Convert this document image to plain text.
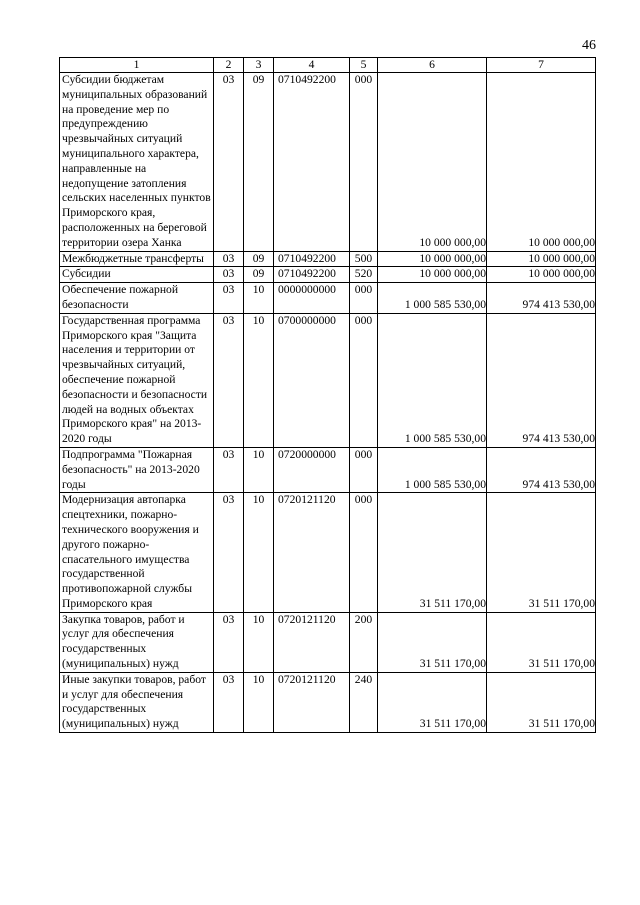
46
1	2	3	4	5	6	7
Субсидии бюджетам муниципальных образований на проведение мер по предупреждению чрезвычайных ситуаций муниципального характера, направленные на недопущение затопления сельских населенных пунктов Приморского края, расположенных на береговой территории озера Ханка	03	09	0710492200	000	10 000 000,00	10 000 000,00
Межбюджетные трансферты	03	09	0710492200	500	10 000 000,00	10 000 000,00
Субсидии	03	09	0710492200	520	10 000 000,00	10 000 000,00
Обеспечение пожарной безопасности	03	10	0000000000	000	1 000 585 530,00	974 413 530,00
Государственная программа Приморского края "Защита населения и территории от чрезвычайных ситуаций, обеспечение пожарной безопасности и безопасности людей на водных объектах Приморского края" на 2013-2020 годы	03	10	0700000000	000	1 000 585 530,00	974 413 530,00
Подпрограмма "Пожарная безопасность" на 2013-2020 годы	03	10	0720000000	000	1 000 585 530,00	974 413 530,00
Модернизация автопарка спецтехники, пожарно-технического вооружения и другого пожарно-спасательного имущества государственной противопожарной службы Приморского края	03	10	0720121120	000	31 511 170,00	31 511 170,00
Закупка товаров, работ и услуг для обеспечения государственных (муниципальных) нужд	03	10	0720121120	200	31 511 170,00	31 511 170,00
Иные закупки товаров, работ и услуг для обеспечения государственных (муниципальных) нужд	03	10	0720121120	240	31 511 170,00	31 511 170,00
